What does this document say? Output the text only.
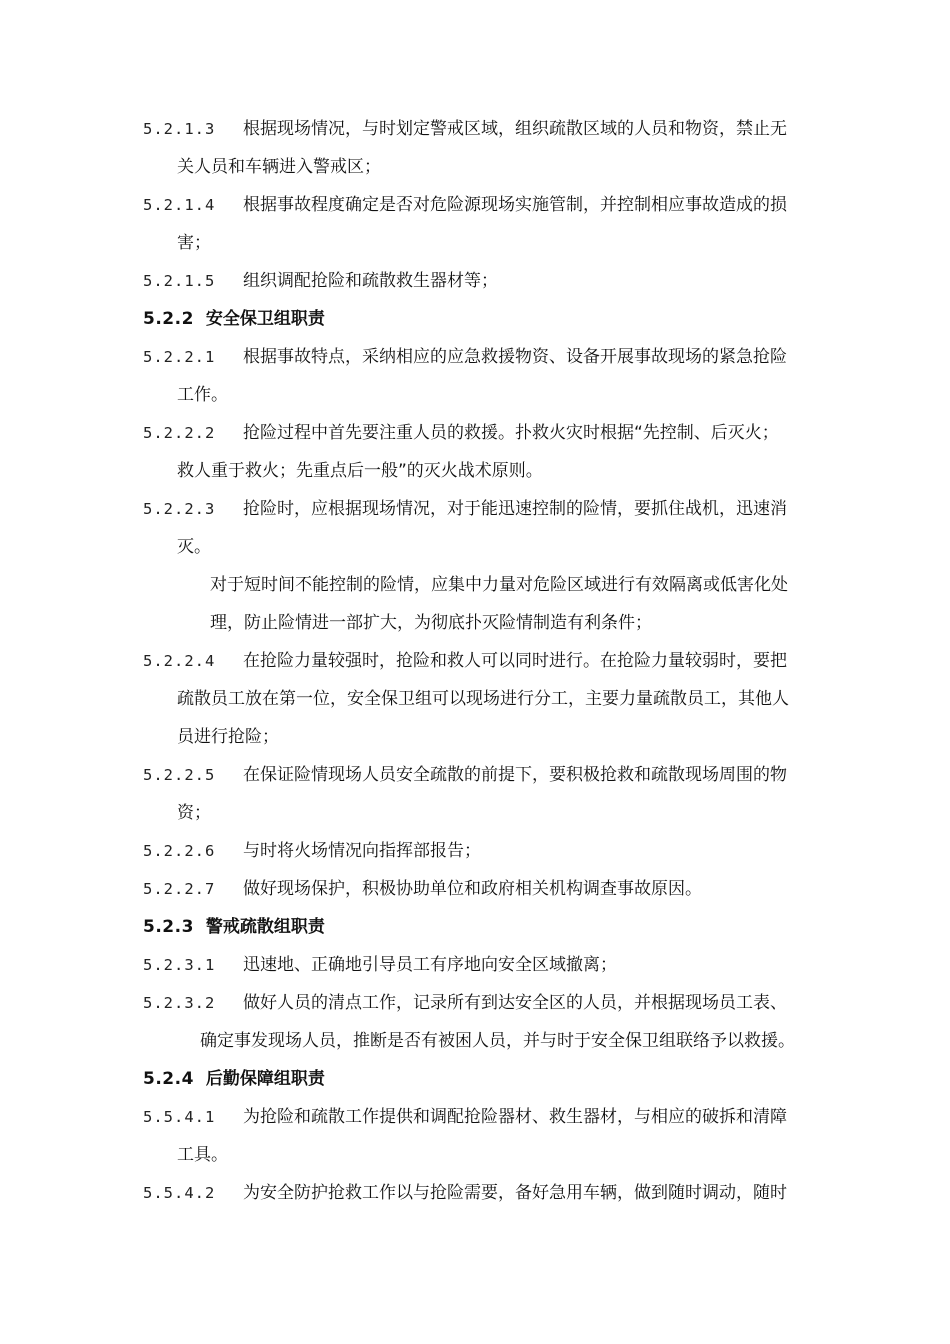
5.2.1.3 根据现场情况，与时划定警戒区域，组织疏散区域的人员和物资，禁止无
关人员和车辆进入警戒区；
5.2.1.4 根据事故程度确定是否对危险源现场实施管制，并控制相应事故造成的损
害；
5.2.1.5 组织调配抢险和疏散救生器材等；
5.2.2 安全保卫组职责
5.2.2.1 根据事故特点，采纳相应的应急救援物资、设备开展事故现场的紧急抢险
工作。
5.2.2.2 抢险过程中首先要注重人员的救援。扑救火灾时根据“先控制、后灭火；
救人重于救火；先重点后一般”的灭火战术原则。
5.2.2.3 抢险时，应根据现场情况，对于能迅速控制的险情，要抓住战机，迅速消
灭。
对于短时间不能控制的险情，应集中力量对危险区域进行有效隔离或低害化处
理，防止险情进一部扩大，为彻底扑灭险情制造有利条件；
5.2.2.4 在抢险力量较强时，抢险和救人可以同时进行。在抢险力量较弱时，要把
疏散员工放在第一位，安全保卫组可以现场进行分工，主要力量疏散员工，其他人
员进行抢险；
5.2.2.5 在保证险情现场人员安全疏散的前提下，要积极抢救和疏散现场周围的物
资；
5.2.2.6 与时将火场情况向指挥部报告；
5.2.2.7 做好现场保护，积极协助单位和政府相关机构调查事故原因。
5.2.3 警戒疏散组职责
5.2.3.1 迅速地、正确地引导员工有序地向安全区域撤离；
5.2.3.2 做好人员的清点工作，记录所有到达安全区的人员，并根据现场员工表、
确定事发现场人员，推断是否有被困人员，并与时于安全保卫组联络予以救援。
5.2.4 后勤保障组职责
5.5.4.1 为抢险和疏散工作提供和调配抢险器材、救生器材，与相应的破拆和清障
工具。
5.5.4.2 为安全防护抢救工作以与抢险需要，备好急用车辆，做到随时调动，随时
